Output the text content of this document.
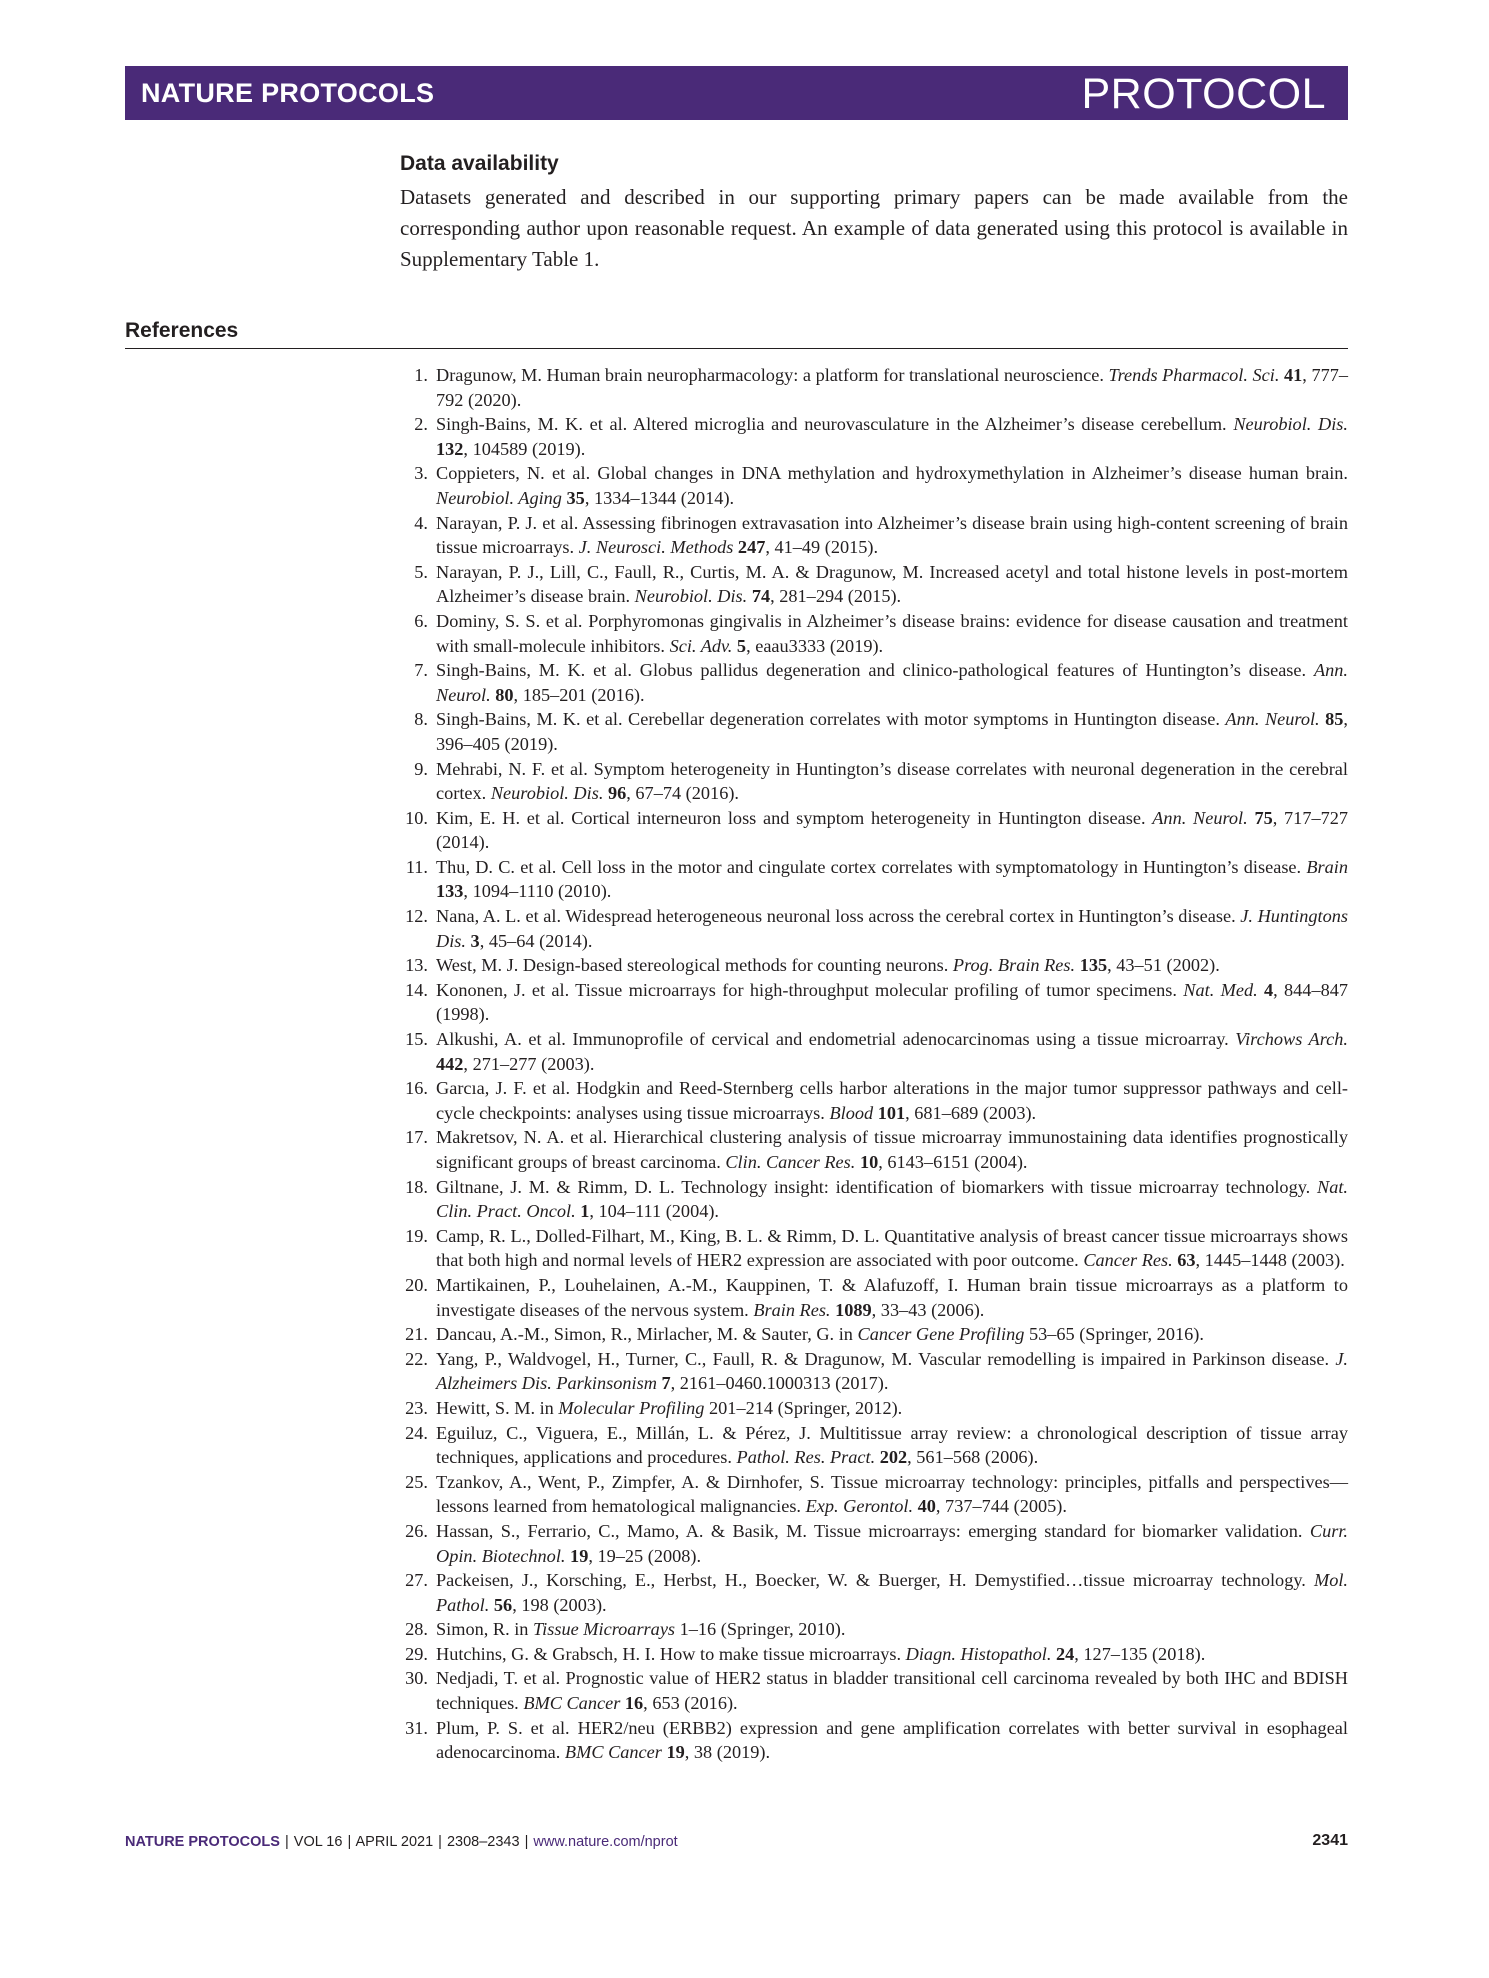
NATURE PROTOCOLS	PROTOCOL
Data availability
Datasets generated and described in our supporting primary papers can be made available from the corresponding author upon reasonable request. An example of data generated using this protocol is available in Supplementary Table 1.
References
1. Dragunow, M. Human brain neuropharmacology: a platform for translational neuroscience. Trends Pharmacol. Sci. 41, 777–792 (2020).
2. Singh-Bains, M. K. et al. Altered microglia and neurovasculature in the Alzheimer’s disease cerebellum. Neurobiol. Dis. 132, 104589 (2019).
3. Coppieters, N. et al. Global changes in DNA methylation and hydroxymethylation in Alzheimer’s disease human brain. Neurobiol. Aging 35, 1334–1344 (2014).
4. Narayan, P. J. et al. Assessing fibrinogen extravasation into Alzheimer’s disease brain using high-content screening of brain tissue microarrays. J. Neurosci. Methods 247, 41–49 (2015).
5. Narayan, P. J., Lill, C., Faull, R., Curtis, M. A. & Dragunow, M. Increased acetyl and total histone levels in post-mortem Alzheimer’s disease brain. Neurobiol. Dis. 74, 281–294 (2015).
6. Dominy, S. S. et al. Porphyromonas gingivalis in Alzheimer’s disease brains: evidence for disease causation and treatment with small-molecule inhibitors. Sci. Adv. 5, eaau3333 (2019).
7. Singh-Bains, M. K. et al. Globus pallidus degeneration and clinico-pathological features of Huntington’s disease. Ann. Neurol. 80, 185–201 (2016).
8. Singh-Bains, M. K. et al. Cerebellar degeneration correlates with motor symptoms in Huntington disease. Ann. Neurol. 85, 396–405 (2019).
9. Mehrabi, N. F. et al. Symptom heterogeneity in Huntington’s disease correlates with neuronal degeneration in the cerebral cortex. Neurobiol. Dis. 96, 67–74 (2016).
10. Kim, E. H. et al. Cortical interneuron loss and symptom heterogeneity in Huntington disease. Ann. Neurol. 75, 717–727 (2014).
11. Thu, D. C. et al. Cell loss in the motor and cingulate cortex correlates with symptomatology in Huntington’s disease. Brain 133, 1094–1110 (2010).
12. Nana, A. L. et al. Widespread heterogeneous neuronal loss across the cerebral cortex in Huntington’s disease. J. Huntingtons Dis. 3, 45–64 (2014).
13. West, M. J. Design-based stereological methods for counting neurons. Prog. Brain Res. 135, 43–51 (2002).
14. Kononen, J. et al. Tissue microarrays for high-throughput molecular profiling of tumor specimens. Nat. Med. 4, 844–847 (1998).
15. Alkushi, A. et al. Immunoprofile of cervical and endometrial adenocarcinomas using a tissue microarray. Virchows Arch. 442, 271–277 (2003).
16. Garcıa, J. F. et al. Hodgkin and Reed-Sternberg cells harbor alterations in the major tumor suppressor pathways and cell-cycle checkpoints: analyses using tissue microarrays. Blood 101, 681–689 (2003).
17. Makretsov, N. A. et al. Hierarchical clustering analysis of tissue microarray immunostaining data identifies prognostically significant groups of breast carcinoma. Clin. Cancer Res. 10, 6143–6151 (2004).
18. Giltnane, J. M. & Rimm, D. L. Technology insight: identification of biomarkers with tissue microarray technology. Nat. Clin. Pract. Oncol. 1, 104–111 (2004).
19. Camp, R. L., Dolled-Filhart, M., King, B. L. & Rimm, D. L. Quantitative analysis of breast cancer tissue microarrays shows that both high and normal levels of HER2 expression are associated with poor outcome. Cancer Res. 63, 1445–1448 (2003).
20. Martikainen, P., Louhelainen, A.-M., Kauppinen, T. & Alafuzoff, I. Human brain tissue microarrays as a platform to investigate diseases of the nervous system. Brain Res. 1089, 33–43 (2006).
21. Dancau, A.-M., Simon, R., Mirlacher, M. & Sauter, G. in Cancer Gene Profiling 53–65 (Springer, 2016).
22. Yang, P., Waldvogel, H., Turner, C., Faull, R. & Dragunow, M. Vascular remodelling is impaired in Parkinson disease. J. Alzheimers Dis. Parkinsonism 7, 2161–0460.1000313 (2017).
23. Hewitt, S. M. in Molecular Profiling 201–214 (Springer, 2012).
24. Eguiluz, C., Viguera, E., Millán, L. & Pérez, J. Multitissue array review: a chronological description of tissue array techniques, applications and procedures. Pathol. Res. Pract. 202, 561–568 (2006).
25. Tzankov, A., Went, P., Zimpfer, A. & Dirnhofer, S. Tissue microarray technology: principles, pitfalls and perspectives—lessons learned from hematological malignancies. Exp. Gerontol. 40, 737–744 (2005).
26. Hassan, S., Ferrario, C., Mamo, A. & Basik, M. Tissue microarrays: emerging standard for biomarker validation. Curr. Opin. Biotechnol. 19, 19–25 (2008).
27. Packeisen, J., Korsching, E., Herbst, H., Boecker, W. & Buerger, H. Demystified…tissue microarray technology. Mol. Pathol. 56, 198 (2003).
28. Simon, R. in Tissue Microarrays 1–16 (Springer, 2010).
29. Hutchins, G. & Grabsch, H. I. How to make tissue microarrays. Diagn. Histopathol. 24, 127–135 (2018).
30. Nedjadi, T. et al. Prognostic value of HER2 status in bladder transitional cell carcinoma revealed by both IHC and BDISH techniques. BMC Cancer 16, 653 (2016).
31. Plum, P. S. et al. HER2/neu (ERBB2) expression and gene amplification correlates with better survival in esophageal adenocarcinoma. BMC Cancer 19, 38 (2019).
NATURE PROTOCOLS | VOL 16 | APRIL 2021 | 2308–2343 | www.nature.com/nprot	2341
